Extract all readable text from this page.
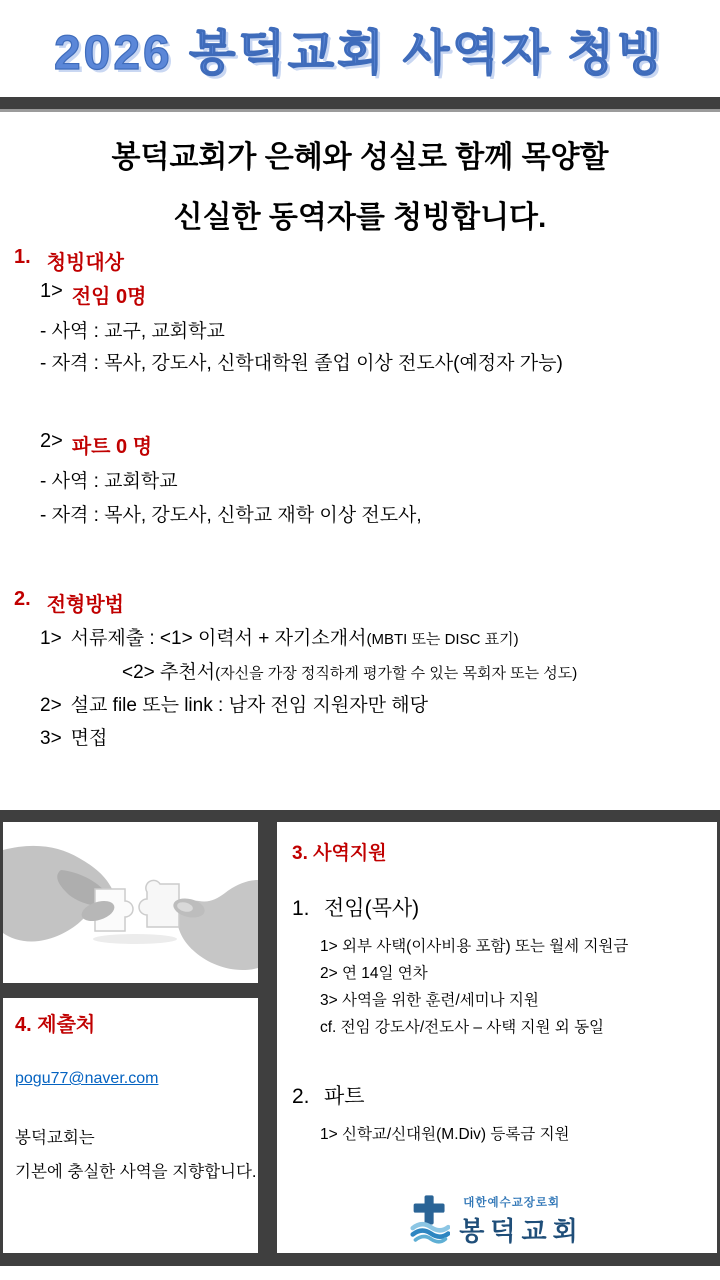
2026 봉덕교회 사역자 청빙
봉덕교회가 은혜와 성실로 함께 목양할
신실한 동역자를 청빙합니다.
1. 청빙대상
1> 전임 0명
- 사역 : 교구, 교회학교
- 자격 : 목사, 강도사, 신학대학원 졸업 이상 전도사(예정자 가능)
2> 파트 0 명
- 사역 : 교회학교
- 자격 : 목사, 강도사, 신학교 재학 이상 전도사,
2. 전형방법
1> 서류제출 : <1> 이력서 + 자기소개서(MBTI 또는 DISC 표기)
<2> 추천서(자신을 가장 정직하게 평가할 수 있는 목회자 또는 성도)
2> 설교 file 또는 link : 남자 전임 지원자만 해당
3> 면접
3. 사역지원
1. 전임(목사)
1> 외부 사택(이사비용 포함) 또는 월세 지원금
2> 연 14일 연차
3> 사역을 위한 훈련/세미나 지원
cf. 전임 강도사/전도사 – 사택 지원 외 동일
2. 파트
1> 신학교/신대원(M.Div) 등록금 지원
대한예수교장로회
봉덕교회
4. 제출처
pogu77@naver.com
봉덕교회는
기본에 충실한 사역을 지향합니다.
